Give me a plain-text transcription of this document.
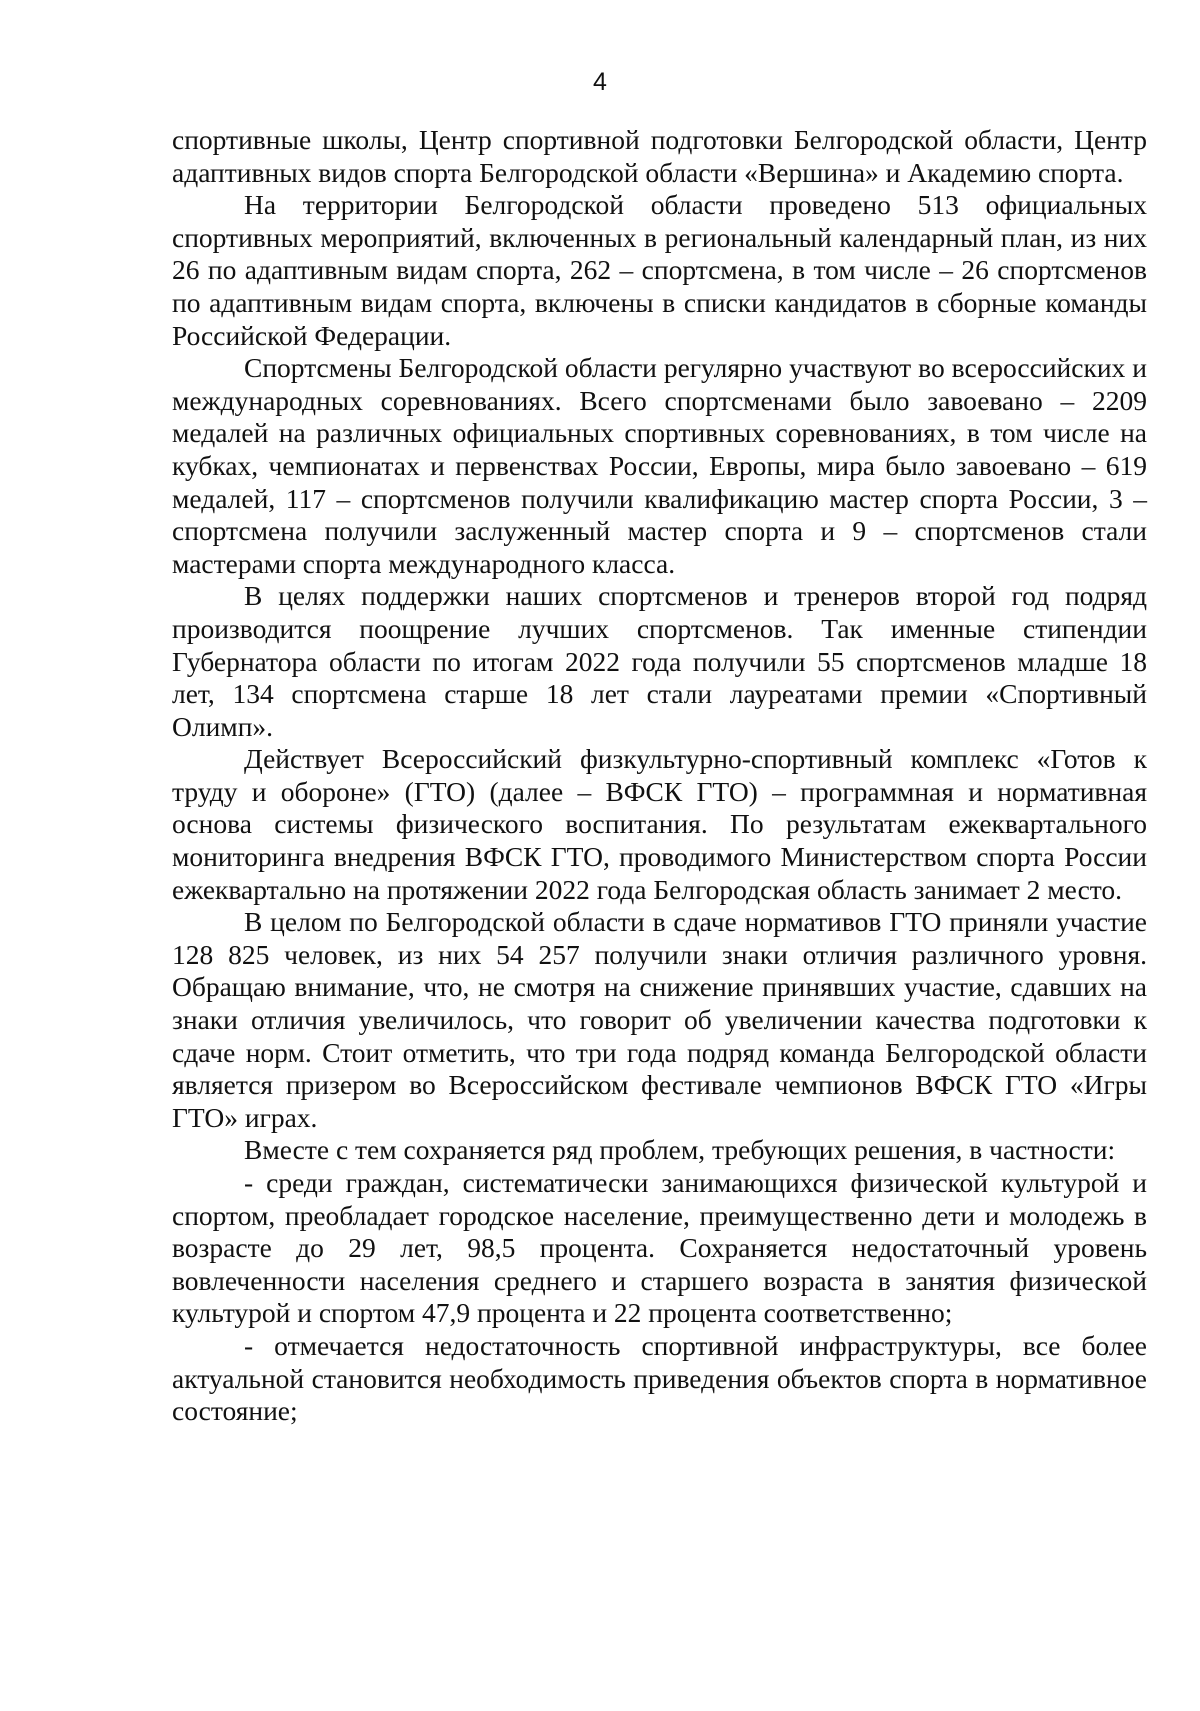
4

спортивные школы, Центр спортивной подготовки Белгородской области, Центр адаптивных видов спорта Белгородской области «Вершина» и Академию спорта.

На территории Белгородской области проведено 513 официальных спортивных мероприятий, включенных в региональный календарный план, из них 26 по адаптивным видам спорта, 262 – спортсмена, в том числе – 26 спортсменов по адаптивным видам спорта, включены в списки кандидатов в сборные команды Российской Федерации.

Спортсмены Белгородской области регулярно участвуют во всероссийских и международных соревнованиях. Всего спортсменами было завоевано – 2209 медалей на различных официальных спортивных соревнованиях, в том числе на кубках, чемпионатах и первенствах России, Европы, мира было завоевано – 619 медалей, 117 – спортсменов получили квалификацию мастер спорта России, 3 – спортсмена получили заслуженный мастер спорта и 9 – спортсменов стали мастерами спорта международного класса.

В целях поддержки наших спортсменов и тренеров второй год подряд производится поощрение лучших спортсменов. Так именные стипендии Губернатора области по итогам 2022 года получили 55 спортсменов младше 18 лет, 134 спортсмена старше 18 лет стали лауреатами премии «Спортивный Олимп».

Действует Всероссийский физкультурно-спортивный комплекс «Готов к труду и обороне» (ГТО) (далее – ВФСК ГТО) – программная и нормативная основа системы физического воспитания. По результатам ежеквартального мониторинга внедрения ВФСК ГТО, проводимого Министерством спорта России ежеквартально на протяжении 2022 года Белгородская область занимает 2 место.

В целом по Белгородской области в сдаче нормативов ГТО приняли участие 128 825 человек, из них 54 257 получили знаки отличия различного уровня. Обращаю внимание, что, не смотря на снижение принявших участие, сдавших на знаки отличия увеличилось, что говорит об увеличении качества подготовки к сдаче норм. Стоит отметить, что три года подряд команда Белгородской области является призером во Всероссийском фестивале чемпионов ВФСК ГТО «Игры ГТО» играх.

Вместе с тем сохраняется ряд проблем, требующих решения, в частности:

- среди граждан, систематически занимающихся физической культурой и спортом, преобладает городское население, преимущественно дети и молодежь в возрасте до 29 лет, 98,5 процента. Сохраняется недостаточный уровень вовлеченности населения среднего и старшего возраста в занятия физической культурой и спортом 47,9 процента и 22 процента соответственно;

- отмечается недостаточность спортивной инфраструктуры, все более актуальной становится необходимость приведения объектов спорта в нормативное состояние;
